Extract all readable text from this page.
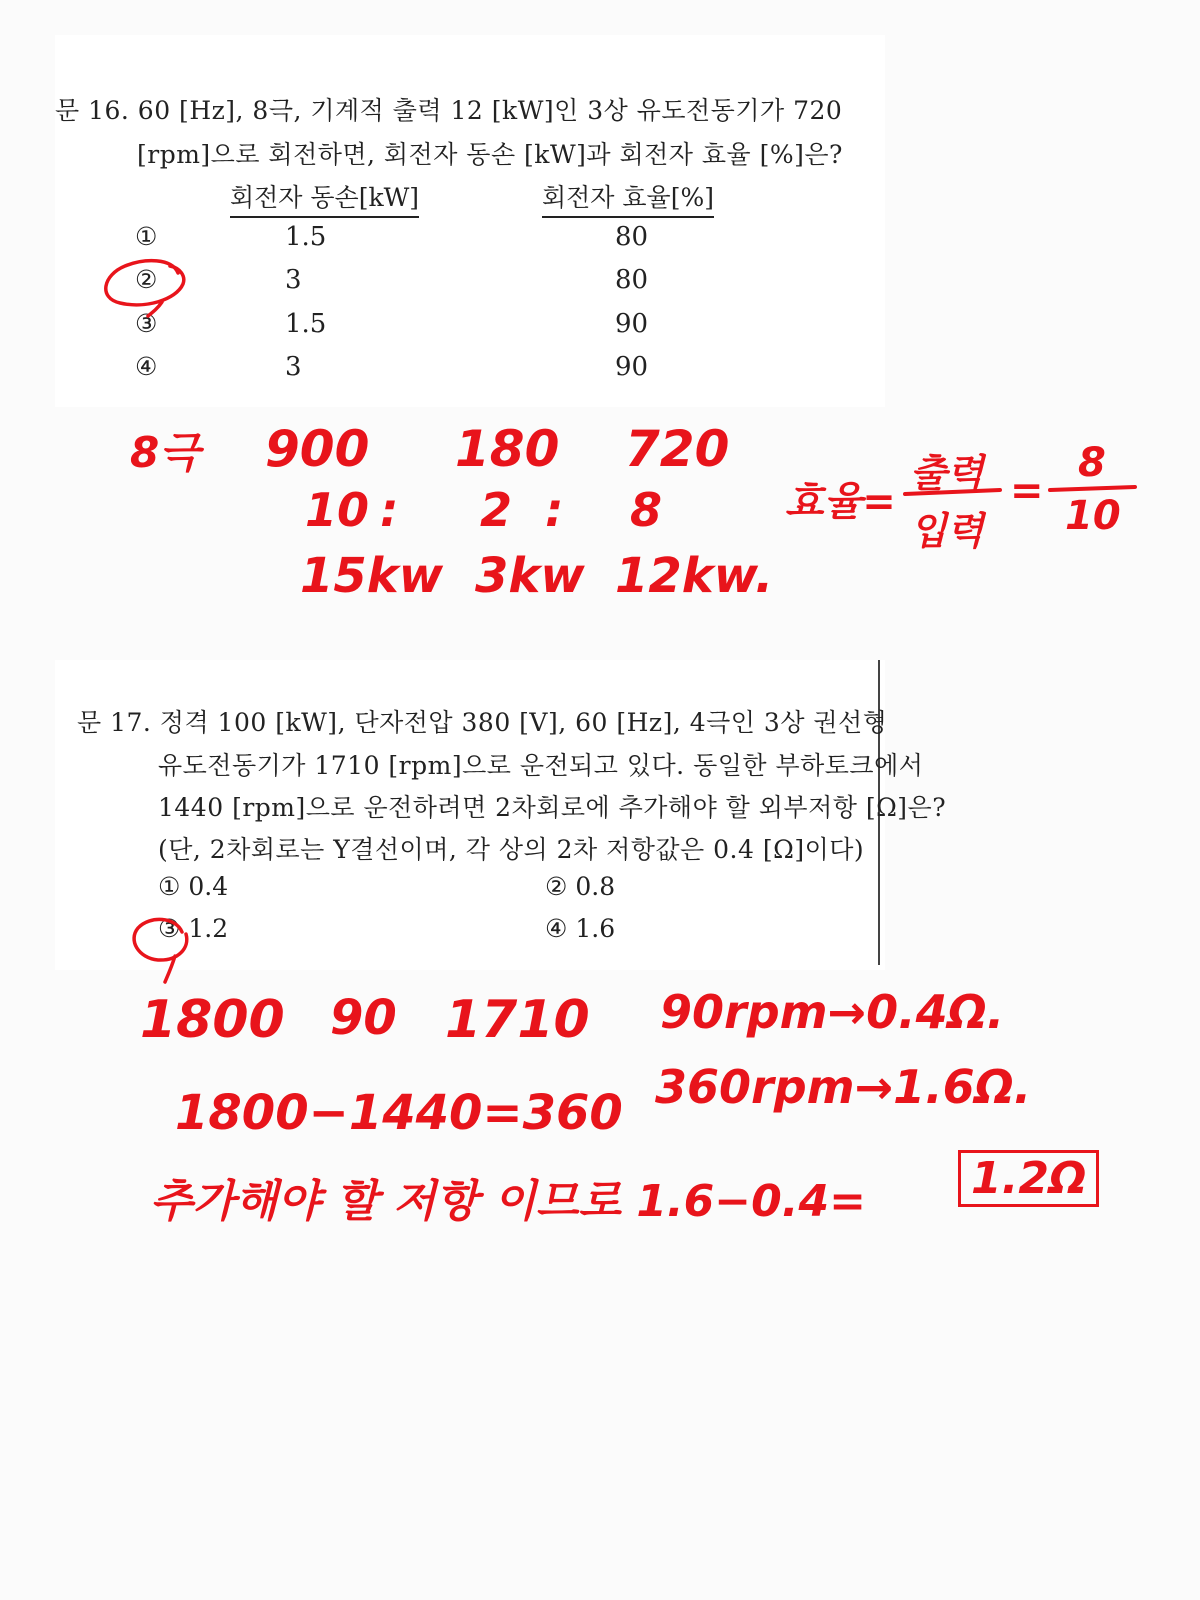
문 16. 60 [Hz], 8극, 기계적 출력 12 [kW]인 3상 유도전동기가 720
[rpm]으로 회전하면, 회전자 동손 [kW]과 회전자 효율 [%]은?
회전자 동손[kW]	회전자 효율[%]
①	1.5	80
②	3	80
③	1.5	90
④	3	90
문 17. 정격 100 [kW], 단자전압 380 [V], 60 [Hz], 4극인 3상 권선형
유도전동기가 1710 [rpm]으로 운전되고 있다. 동일한 부하토크에서
1440 [rpm]으로 운전하려면 2차회로에 추가해야 할 외부저항 [Ω]은?
(단, 2차회로는 Y결선이며, 각 상의 2차 저항값은 0.4 [Ω]이다)
① 0.4	② 0.8
③ 1.2	④ 1.6
8극 900 180 720
10 : 2 : 8
15kw 3kw 12kw.
효율=
출력
입력
=
8
10
1800 90 1710
1800−1440=360
90rpm→0.4Ω.
360rpm→1.6Ω.
추가해야 할 저항 이므로 1.6−0.4= 1.2Ω
